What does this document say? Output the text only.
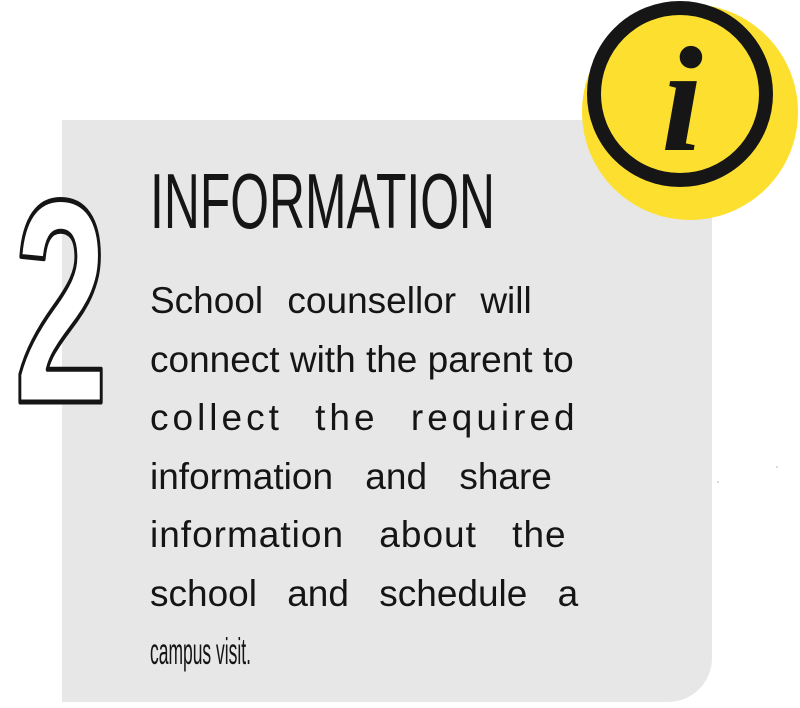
2 INFORMATION
School counsellor will
connect with the parent to
collect the required
information and share
information about the
school and schedule a
campus visit.
i
